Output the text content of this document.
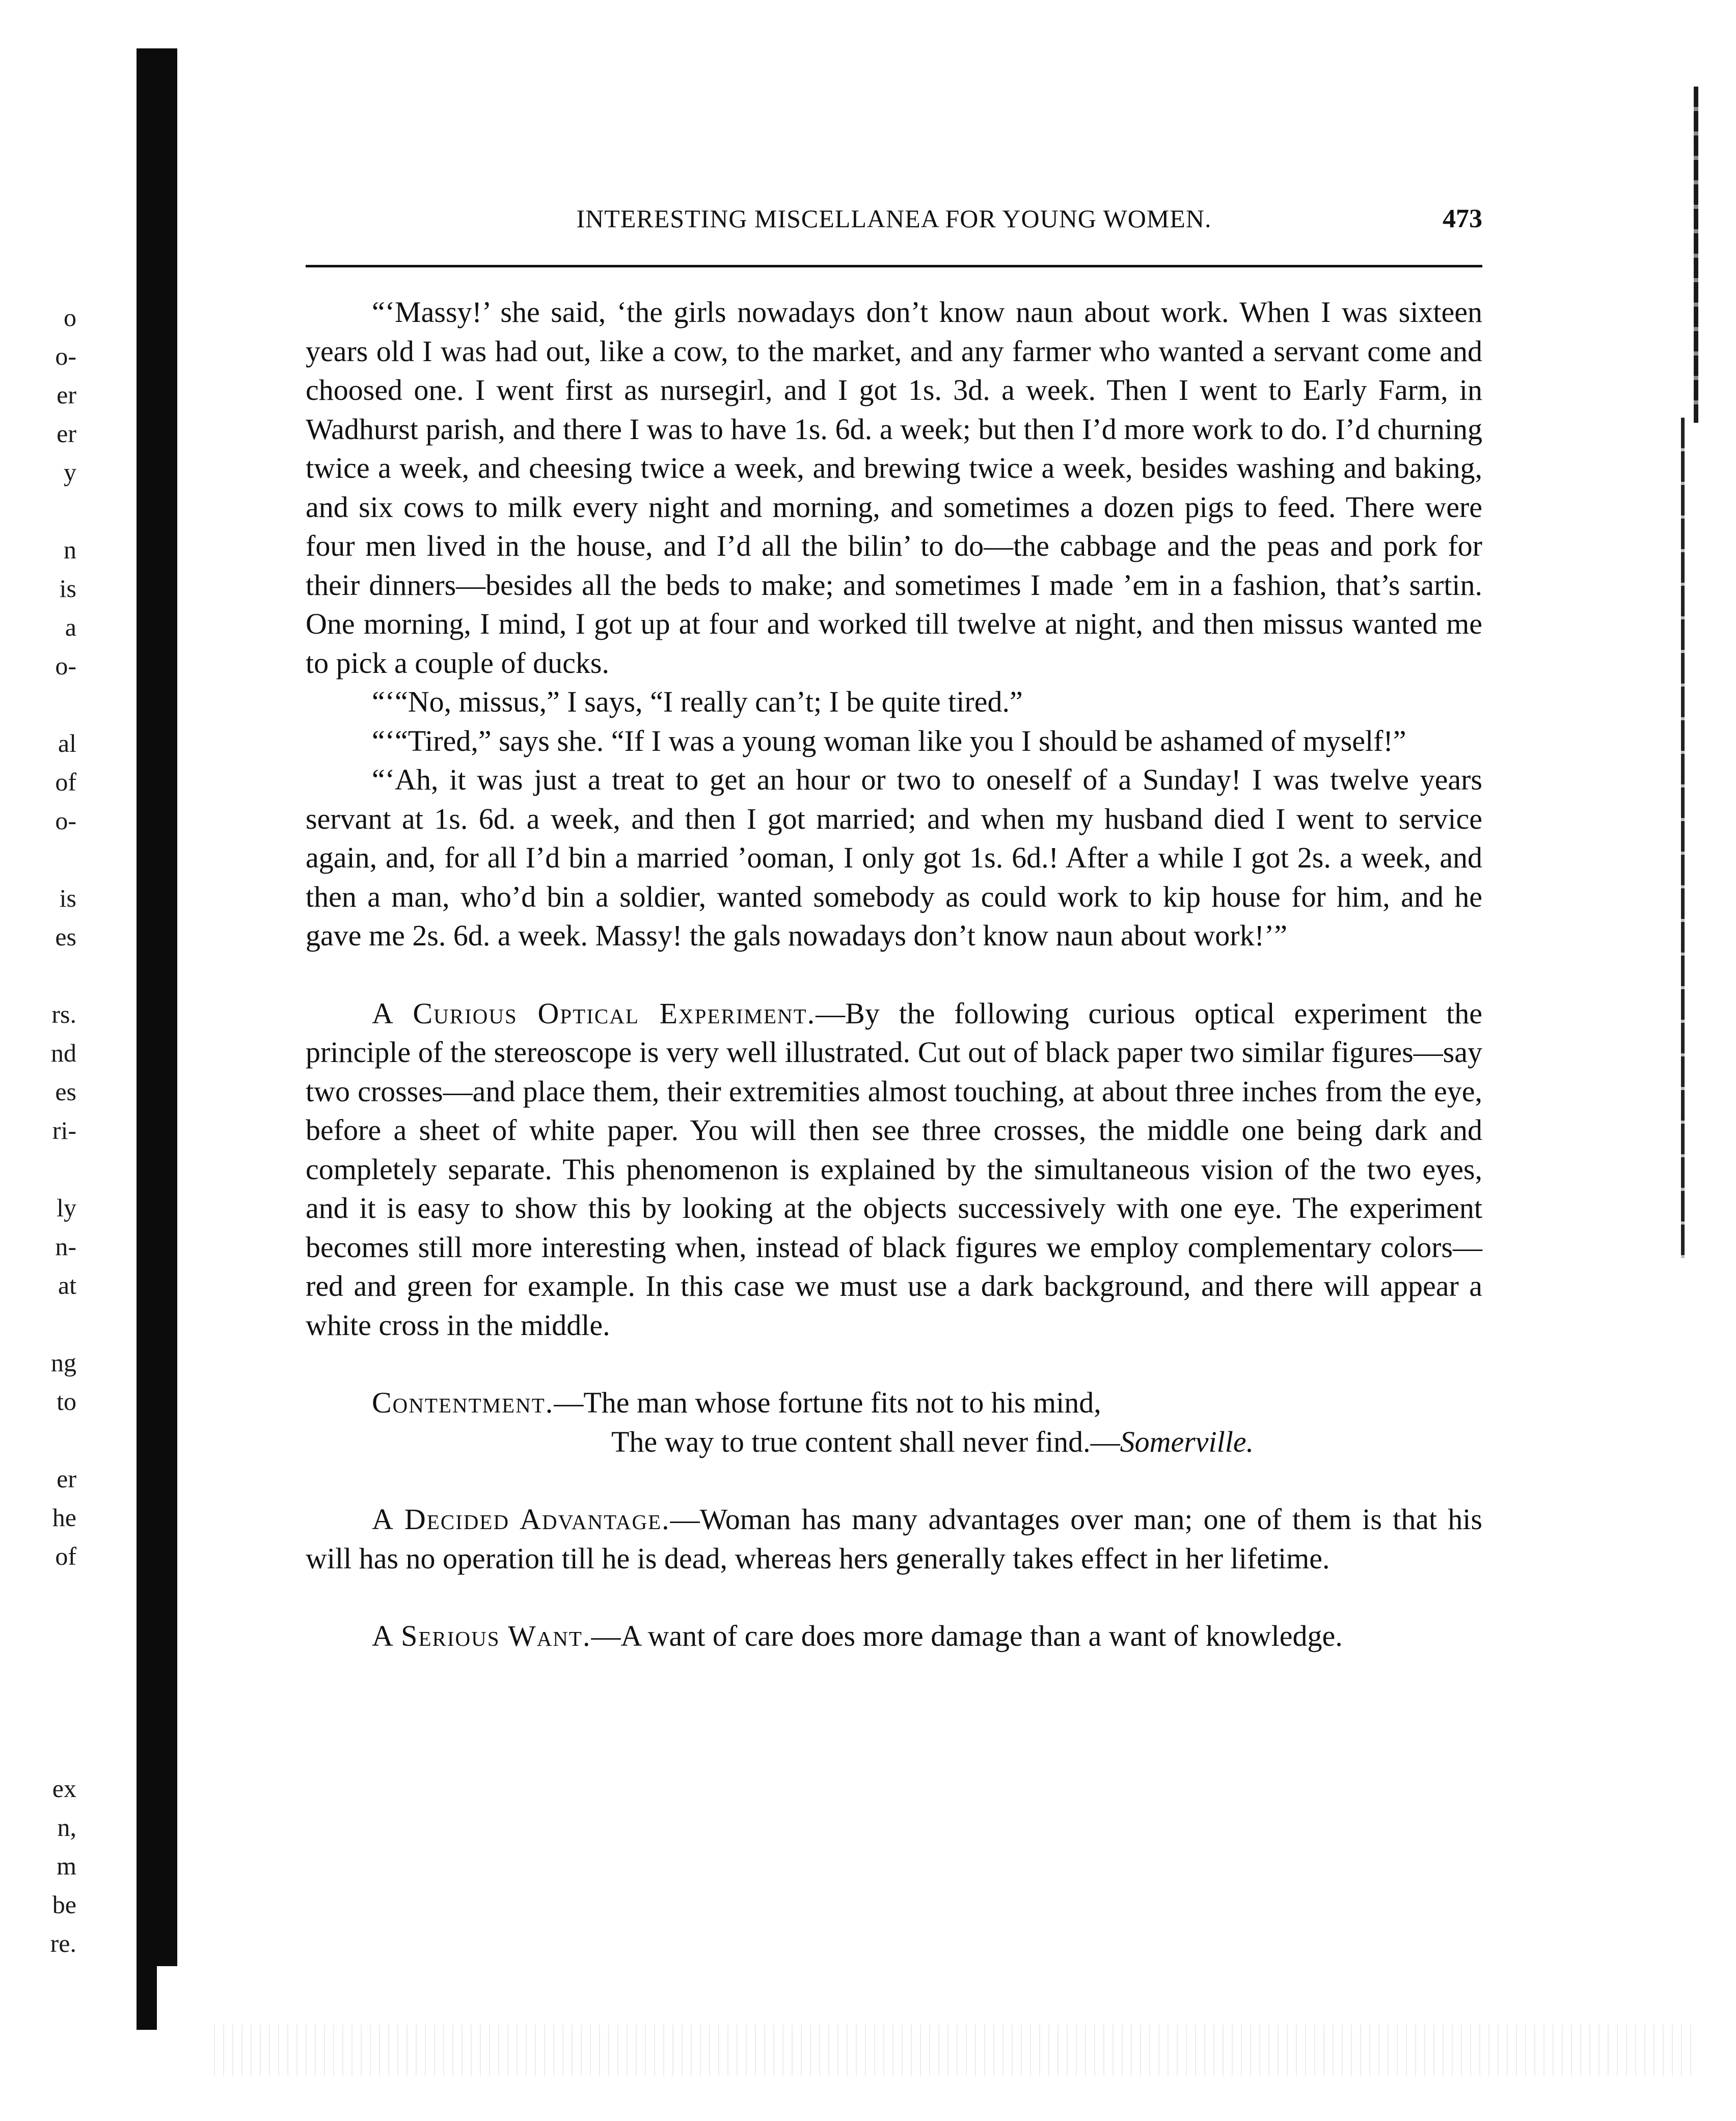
o
o-
er
er
y
n
is
a
o-
al
of
o-
is
es
rs.
nd
es
ri-
ly
n-
at
ng
to
er
he
of
ex
n,
m
be
re.
INTERESTING MISCELLANEA FOR YOUNG WOMEN.	473

“‘Massy!’ she said, ‘the girls nowadays don’t know naun about work. When I was sixteen years old I was had out, like a cow, to the market, and any farmer who wanted a servant come and choosed one. I went first as nursegirl, and I got 1s. 3d. a week. Then I went to Early Farm, in Wadhurst parish, and there I was to have 1s. 6d. a week; but then I’d more work to do. I’d churning twice a week, and cheesing twice a week, and brewing twice a week, besides washing and baking, and six cows to milk every night and morning, and sometimes a dozen pigs to feed. There were four men lived in the house, and I’d all the bilin’ to do—the cabbage and the peas and pork for their dinners—besides all the beds to make; and sometimes I made ’em in a fashion, that’s sartin. One morning, I mind, I got up at four and worked till twelve at night, and then missus wanted me to pick a couple of ducks.

“‘“No, missus,” I says, “I really can’t; I be quite tired.”

“‘“Tired,” says she. “If I was a young woman like you I should be ashamed of myself!”

“‘Ah, it was just a treat to get an hour or two to oneself of a Sunday! I was twelve years servant at 1s. 6d. a week, and then I got married; and when my husband died I went to service again, and, for all I’d bin a married ’ooman, I only got 1s. 6d.! After a while I got 2s. a week, and then a man, who’d bin a soldier, wanted somebody as could work to kip house for him, and he gave me 2s. 6d. a week. Massy! the gals nowadays don’t know naun about work!’”

A Curious Optical Experiment.—By the following curious optical experiment the principle of the stereoscope is very well illustrated. Cut out of black paper two similar figures—say two crosses—and place them, their extremities almost touching, at about three inches from the eye, before a sheet of white paper. You will then see three crosses, the middle one being dark and completely separate. This phenomenon is explained by the simultaneous vision of the two eyes, and it is easy to show this by looking at the objects successively with one eye. The experiment becomes still more interesting when, instead of black figures we employ complementary colors—red and green for example. In this case we must use a dark background, and there will appear a white cross in the middle.

Contentment.—The man whose fortune fits not to his mind,

The way to true content shall never find.—Somerville.

A Decided Advantage.—Woman has many advantages over man; one of them is that his will has no operation till he is dead, whereas hers generally takes effect in her lifetime.

A Serious Want.—A want of care does more damage than a want of knowledge.
